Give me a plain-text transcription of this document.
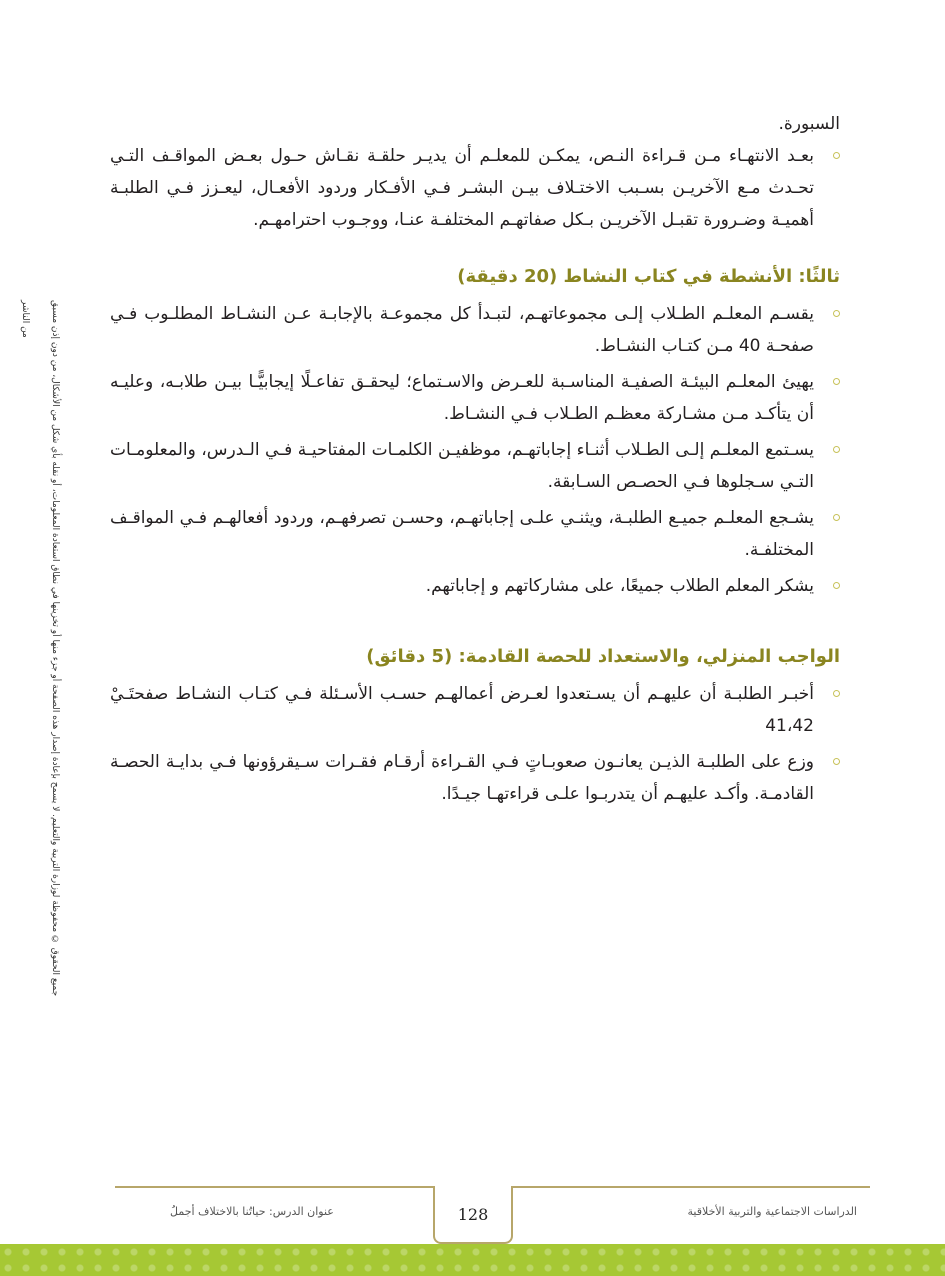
جميع الحقوق © محفوظة لوزارة التربية والتعليم. لا يسمح بإعادة إصدار هذه الصفحة أو جزء منها أو تخزينها في نطاق استعادة المعلومات، أو نقله بأي شكل من الأشكال، من دون إذن مسبق من الناشر

السبورة.

بعـد الانتهـاء مـن قـراءة النـص، يمكـن للمعلـم أن يديـر حلقـة نقـاش حـول بعـض المواقـف التـي تحـدث مـع الآخريـن بسـبب الاختـلاف بيـن البشـر فـي الأفـكار وردود الأفعـال، ليعـزز فـي الطلبـة أهميـة وضـرورة تقبـل الآخريـن بـكل صفاتهـم المختلفـة عنـا، ووجـوب احترامهـم.
ثالثًا: الأنشطة في كتاب النشاط (20 دقيقة)
يقسـم المعلـم الطـلاب إلـى مجموعاتهـم، لتبـدأ كل مجموعـة بالإجابـة عـن النشـاط المطلـوب فـي صفحـة 40 مـن كتـاب النشـاط.
يهيئ المعلـم البيئـة الصفيـة المناسـبة للعـرض والاسـتماع؛ ليحقـق تفاعـلًا إيجابيًّـا بيـن طلابـه، وعليـه أن يتأكـد مـن مشـاركة معظـم الطـلاب فـي النشـاط.
يسـتمع المعلـم إلـى الطـلاب أثنـاء إجاباتهـم، موظفيـن الكلمـات المفتاحيـة فـي الـدرس، والمعلومـات التـي سـجلوها فـي الحصـص السـابقة.
يشـجع المعلـم جميـع الطلبـة، ويثنـي علـى إجاباتهـم، وحسـن تصرفهـم، وردود أفعالهـم فـي المواقـف المختلفـة.
يشكر المعلم الطلاب جميعًا، على مشاركاتهم و إجاباتهم.
الواجب المنزلي، والاستعداد للحصة القادمة: (5 دقائق)
أخبـر الطلبـة أن عليهـم أن يسـتعدوا لعـرض أعمالهـم حسـب الأسـئلة فـي كتـاب النشـاط صفحتَـيْ 41،42
وزع على الطلبـة الذيـن يعانـون صعوبـاتٍ فـي القـراءة أرقـام فقـرات سـيقرؤونها فـي بدايـة الحصـة القادمـة. وأكـد عليهـم أن يتدربـوا علـى قراءتهـا جيـدًا.
128	الدراسات الاجتماعية والتربية الأخلاقية
عنوان الدرس: حياتُنا بالاختلاف أجملُ
